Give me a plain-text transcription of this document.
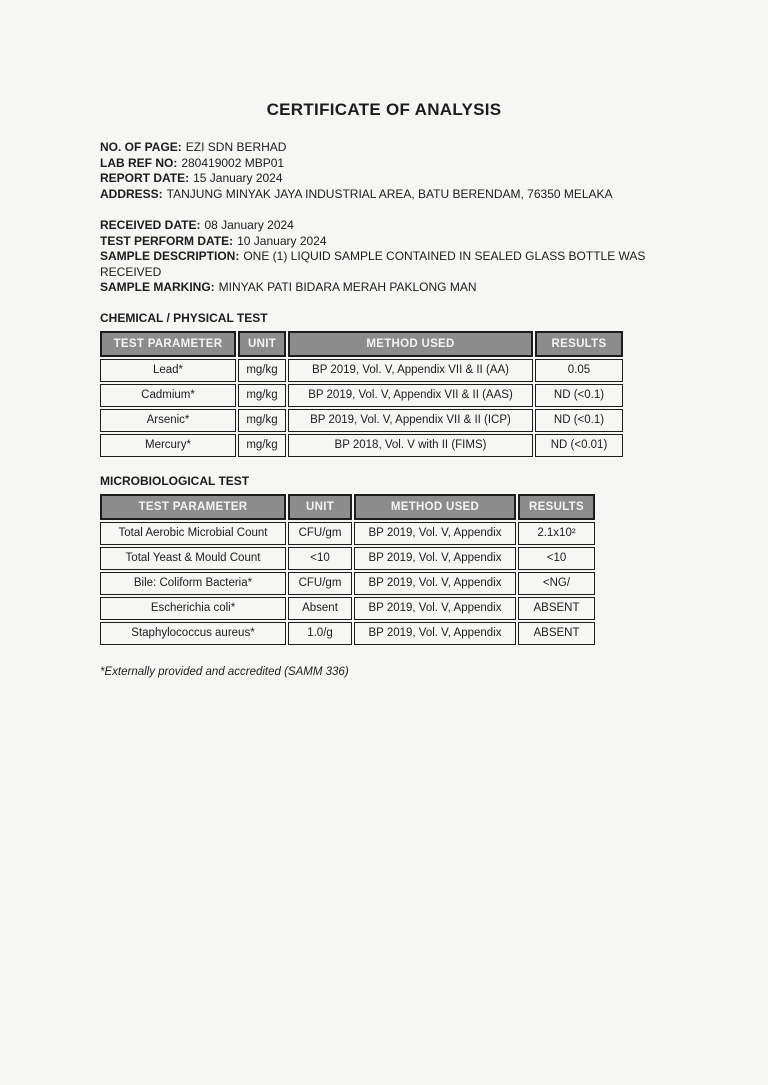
CERTIFICATE OF ANALYSIS

NO. OF PAGE: EZI SDN BERHAD

LAB REF NO: 280419002 MBP01

REPORT DATE: 15 January 2024

ADDRESS: TANJUNG MINYAK JAYA INDUSTRIAL AREA, BATU BERENDAM, 76350 MELAKA

RECEIVED DATE: 08 January 2024

TEST PERFORM DATE: 10 January 2024

SAMPLE DESCRIPTION: ONE (1) LIQUID SAMPLE CONTAINED IN SEALED GLASS BOTTLE WAS RECEIVED

SAMPLE MARKING: MINYAK PATI BIDARA MERAH PAKLONG MAN

CHEMICAL / PHYSICAL TEST
TEST PARAMETER	UNIT	METHOD USED	RESULTS
Lead*	mg/kg	BP 2019, Vol. V, Appendix VII & II (AA)	0.05
Cadmium*	mg/kg	BP 2019, Vol. V, Appendix VII & II (AAS)	ND (<0.1)
Arsenic*	mg/kg	BP 2019, Vol. V, Appendix VII & II (ICP)	ND (<0.1)
Mercury*	mg/kg	BP 2018, Vol. V with II (FIMS)	ND (<0.01)
MICROBIOLOGICAL TEST
TEST PARAMETER	UNIT	METHOD USED	RESULTS
Total Aerobic Microbial Count	CFU/gm	BP 2019, Vol. V, Appendix	2.1x10²
Total Yeast & Mould Count	<10	BP 2019, Vol. V, Appendix	<10
Bile: Coliform Bacteria*	CFU/gm	BP 2019, Vol. V, Appendix	<NG/
Escherichia coli*	Absent	BP 2019, Vol. V, Appendix	ABSENT
Staphylococcus aureus*	1.0/g	BP 2019, Vol. V, Appendix	ABSENT

*Externally provided and accredited (SAMM 336)
